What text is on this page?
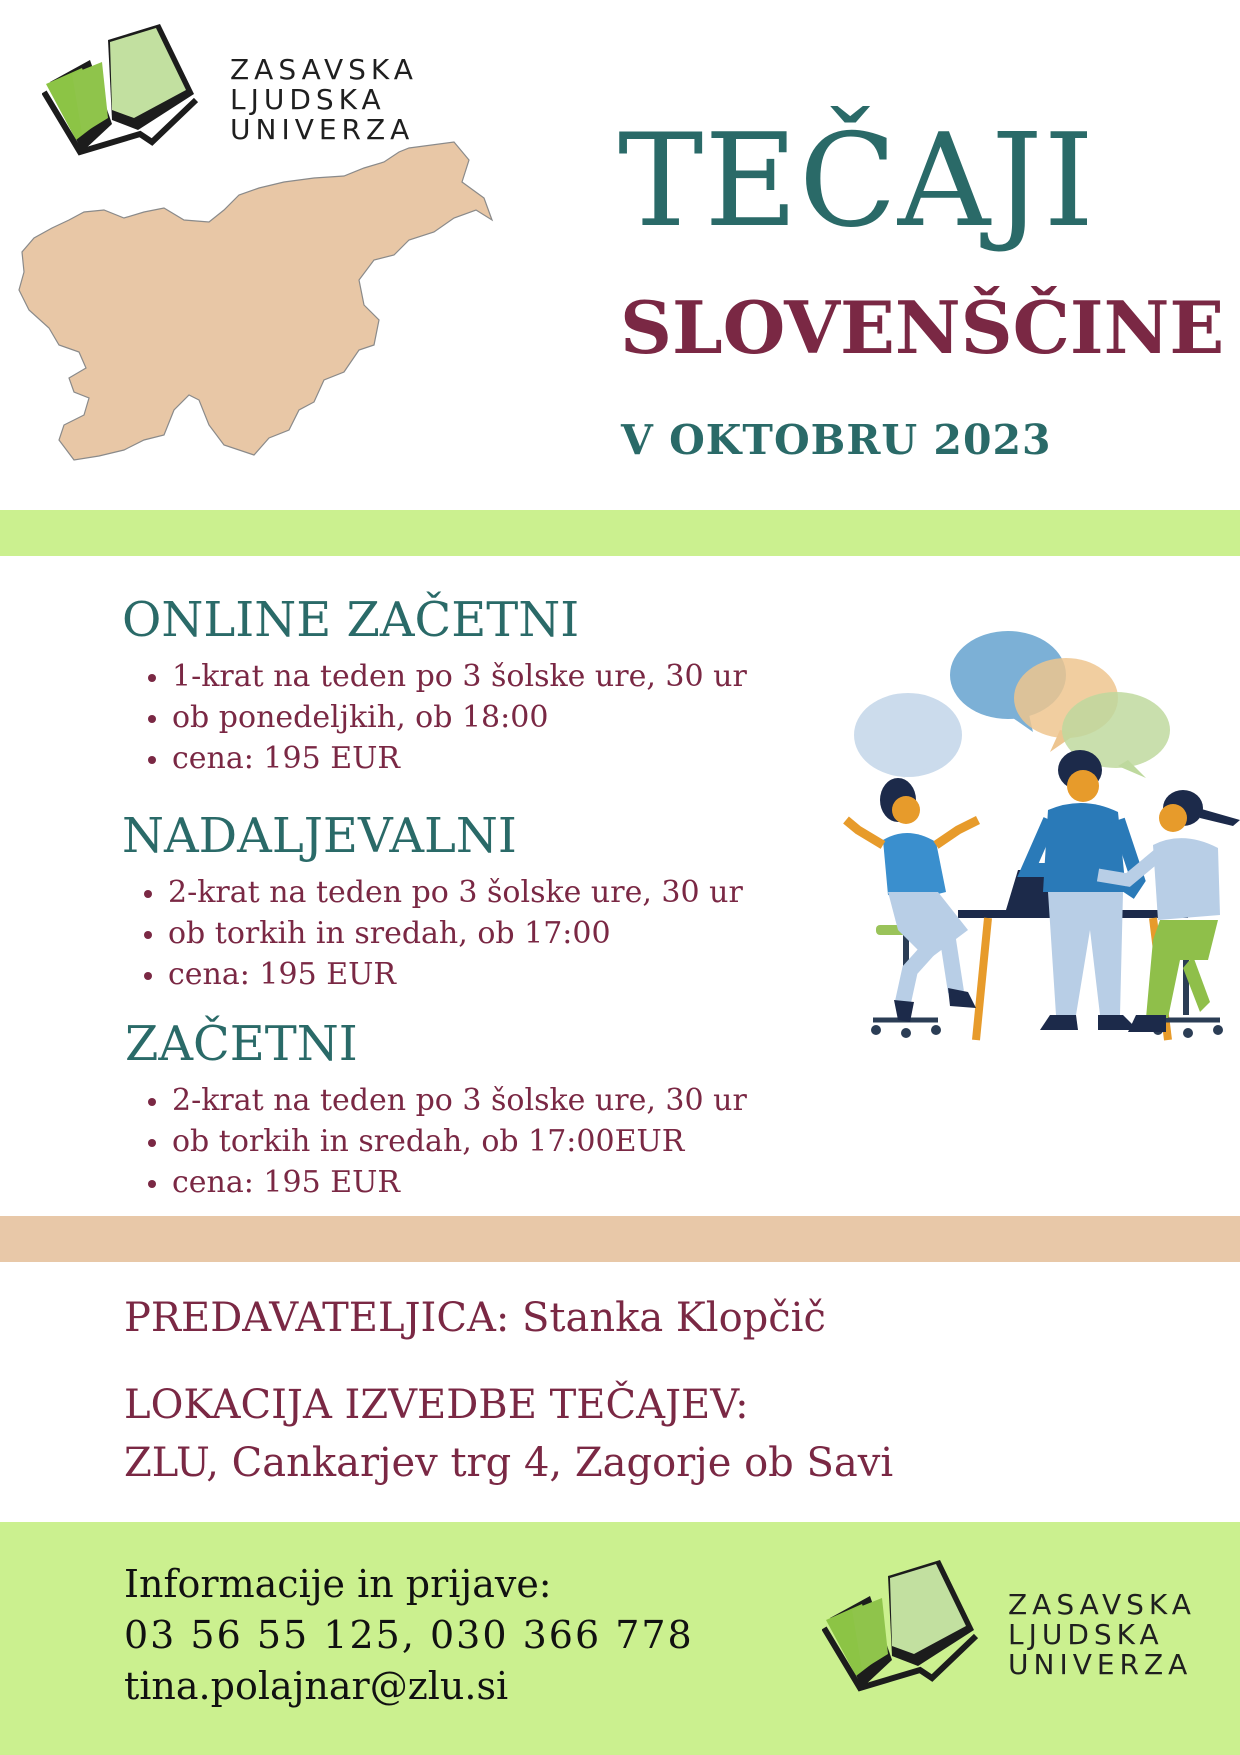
ZASAVSKA
LJUDSKA
UNIVERZA TEČAJI
SLOVENŠČINE
V OKTOBRU 2023
ONLINE ZAČETNI
1-krat na teden po 3 šolske ure, 30 ur
ob ponedeljkih, ob 18:00
cena: 195 EUR
NADALJEVALNI
2-krat na teden po 3 šolske ure, 30 ur
ob torkih in sredah, ob 17:00
cena: 195 EUR
ZAČETNI
2-krat na teden po 3 šolske ure, 30 ur
ob torkih in sredah, ob 17:00EUR
cena: 195 EUR
PREDAVATELJICA: Stanka Klopčič
LOKACIJA IZVEDBE TEČAJEV:
ZLU, Cankarjev trg 4, Zagorje ob Savi
Informacije in prijave:
03 56 55 125, 030 366 778
tina.polajnar@zlu.si
ZASAVSKA
LJUDSKA
UNIVERZA
